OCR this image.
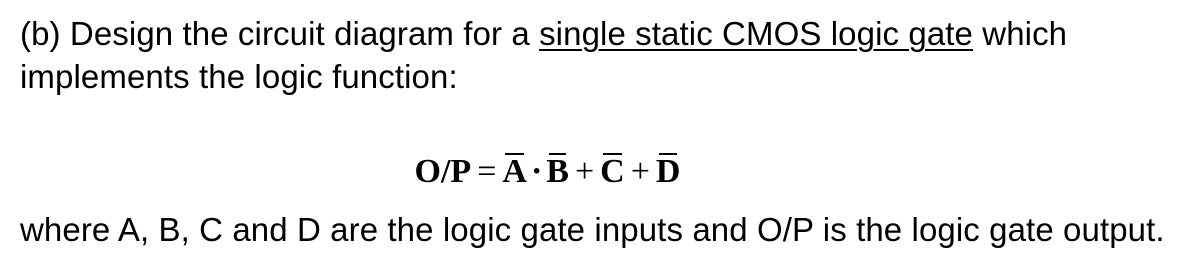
(b) Design the circuit diagram for a single static CMOS logic gate which
implements the logic function:
O/P = A · B + C + D
where A, B, C and D are the logic gate inputs and O/P is the logic gate output.
